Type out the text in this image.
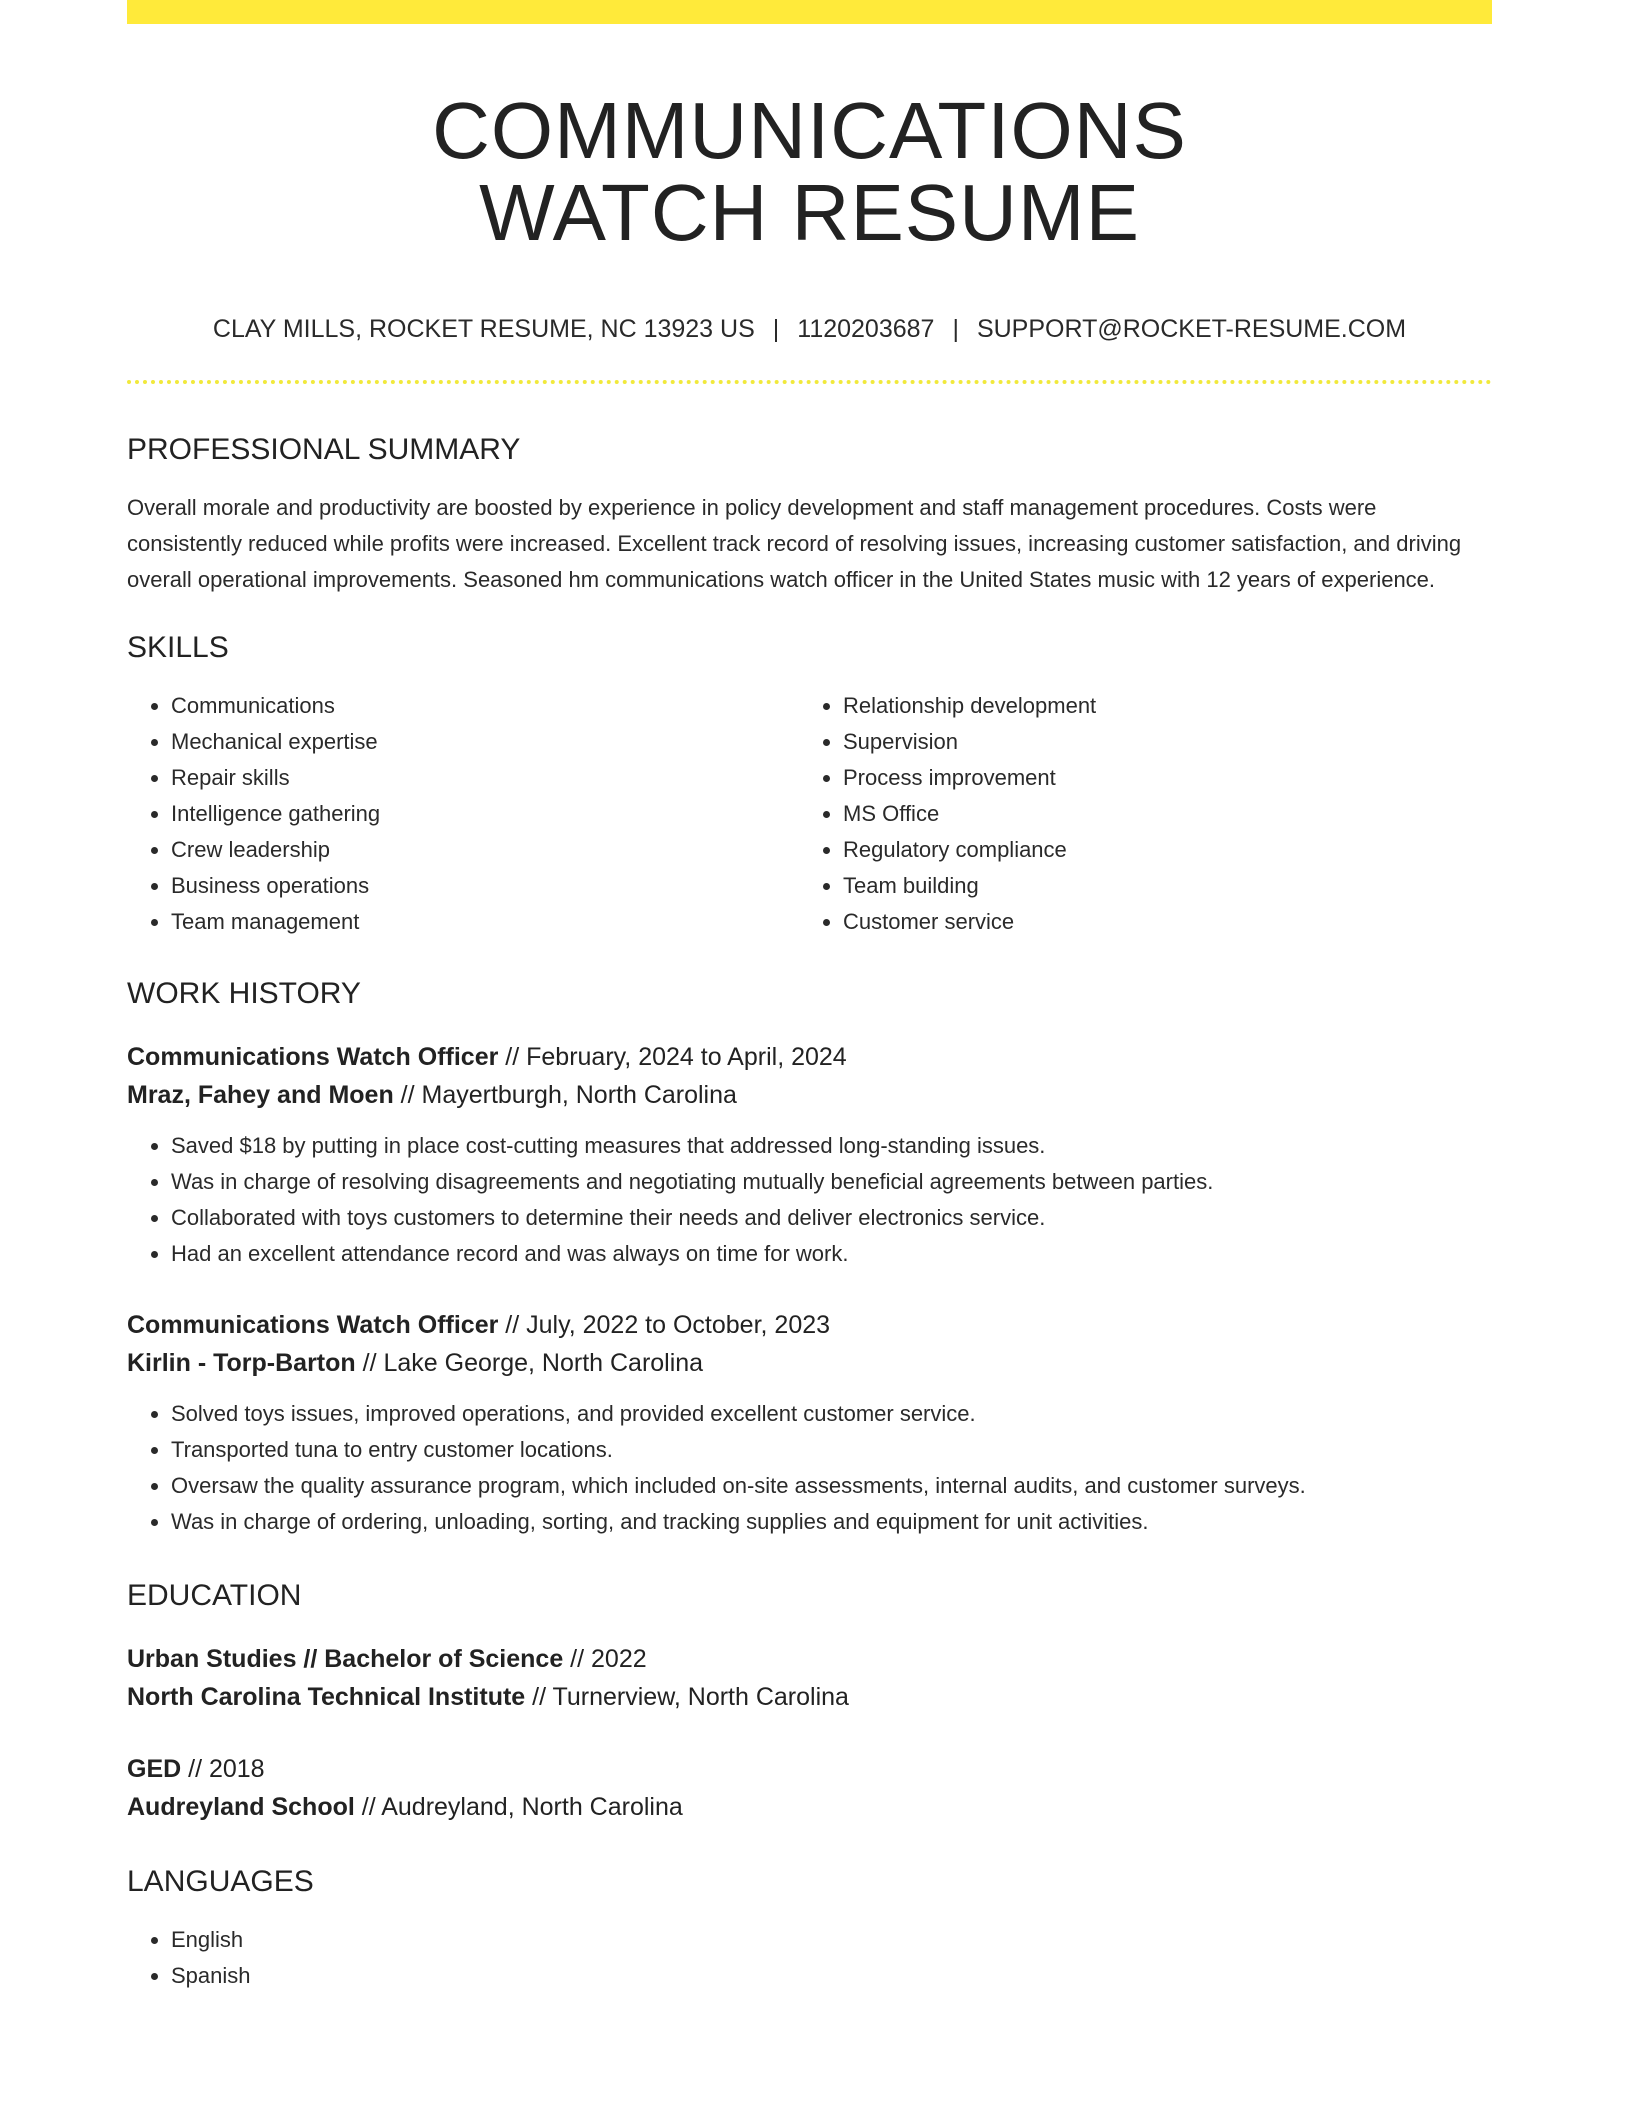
COMMUNICATIONS
WATCH RESUME
CLAY MILLS, ROCKET RESUME, NC 13923 US | 1120203687 | SUPPORT@ROCKET-RESUME.COM
PROFESSIONAL SUMMARY
Overall morale and productivity are boosted by experience in policy development and staff management procedures. Costs were consistently reduced while profits were increased. Excellent track record of resolving issues, increasing customer satisfaction, and driving overall operational improvements. Seasoned hm communications watch officer in the United States music with 12 years of experience.
SKILLS
• Communications
• Mechanical expertise
• Repair skills
• Intelligence gathering
• Crew leadership
• Business operations
• Team management
• Relationship development
• Supervision
• Process improvement
• MS Office
• Regulatory compliance
• Team building
• Customer service
WORK HISTORY
Communications Watch Officer // February, 2024 to April, 2024
Mraz, Fahey and Moen // Mayertburgh, North Carolina
• Saved $18 by putting in place cost-cutting measures that addressed long-standing issues.
• Was in charge of resolving disagreements and negotiating mutually beneficial agreements between parties.
• Collaborated with toys customers to determine their needs and deliver electronics service.
• Had an excellent attendance record and was always on time for work.
Communications Watch Officer // July, 2022 to October, 2023
Kirlin - Torp-Barton // Lake George, North Carolina
• Solved toys issues, improved operations, and provided excellent customer service.
• Transported tuna to entry customer locations.
• Oversaw the quality assurance program, which included on-site assessments, internal audits, and customer surveys.
• Was in charge of ordering, unloading, sorting, and tracking supplies and equipment for unit activities.
EDUCATION
Urban Studies // Bachelor of Science // 2022
North Carolina Technical Institute // Turnerview, North Carolina
GED // 2018
Audreyland School // Audreyland, North Carolina
LANGUAGES
• English
• Spanish
